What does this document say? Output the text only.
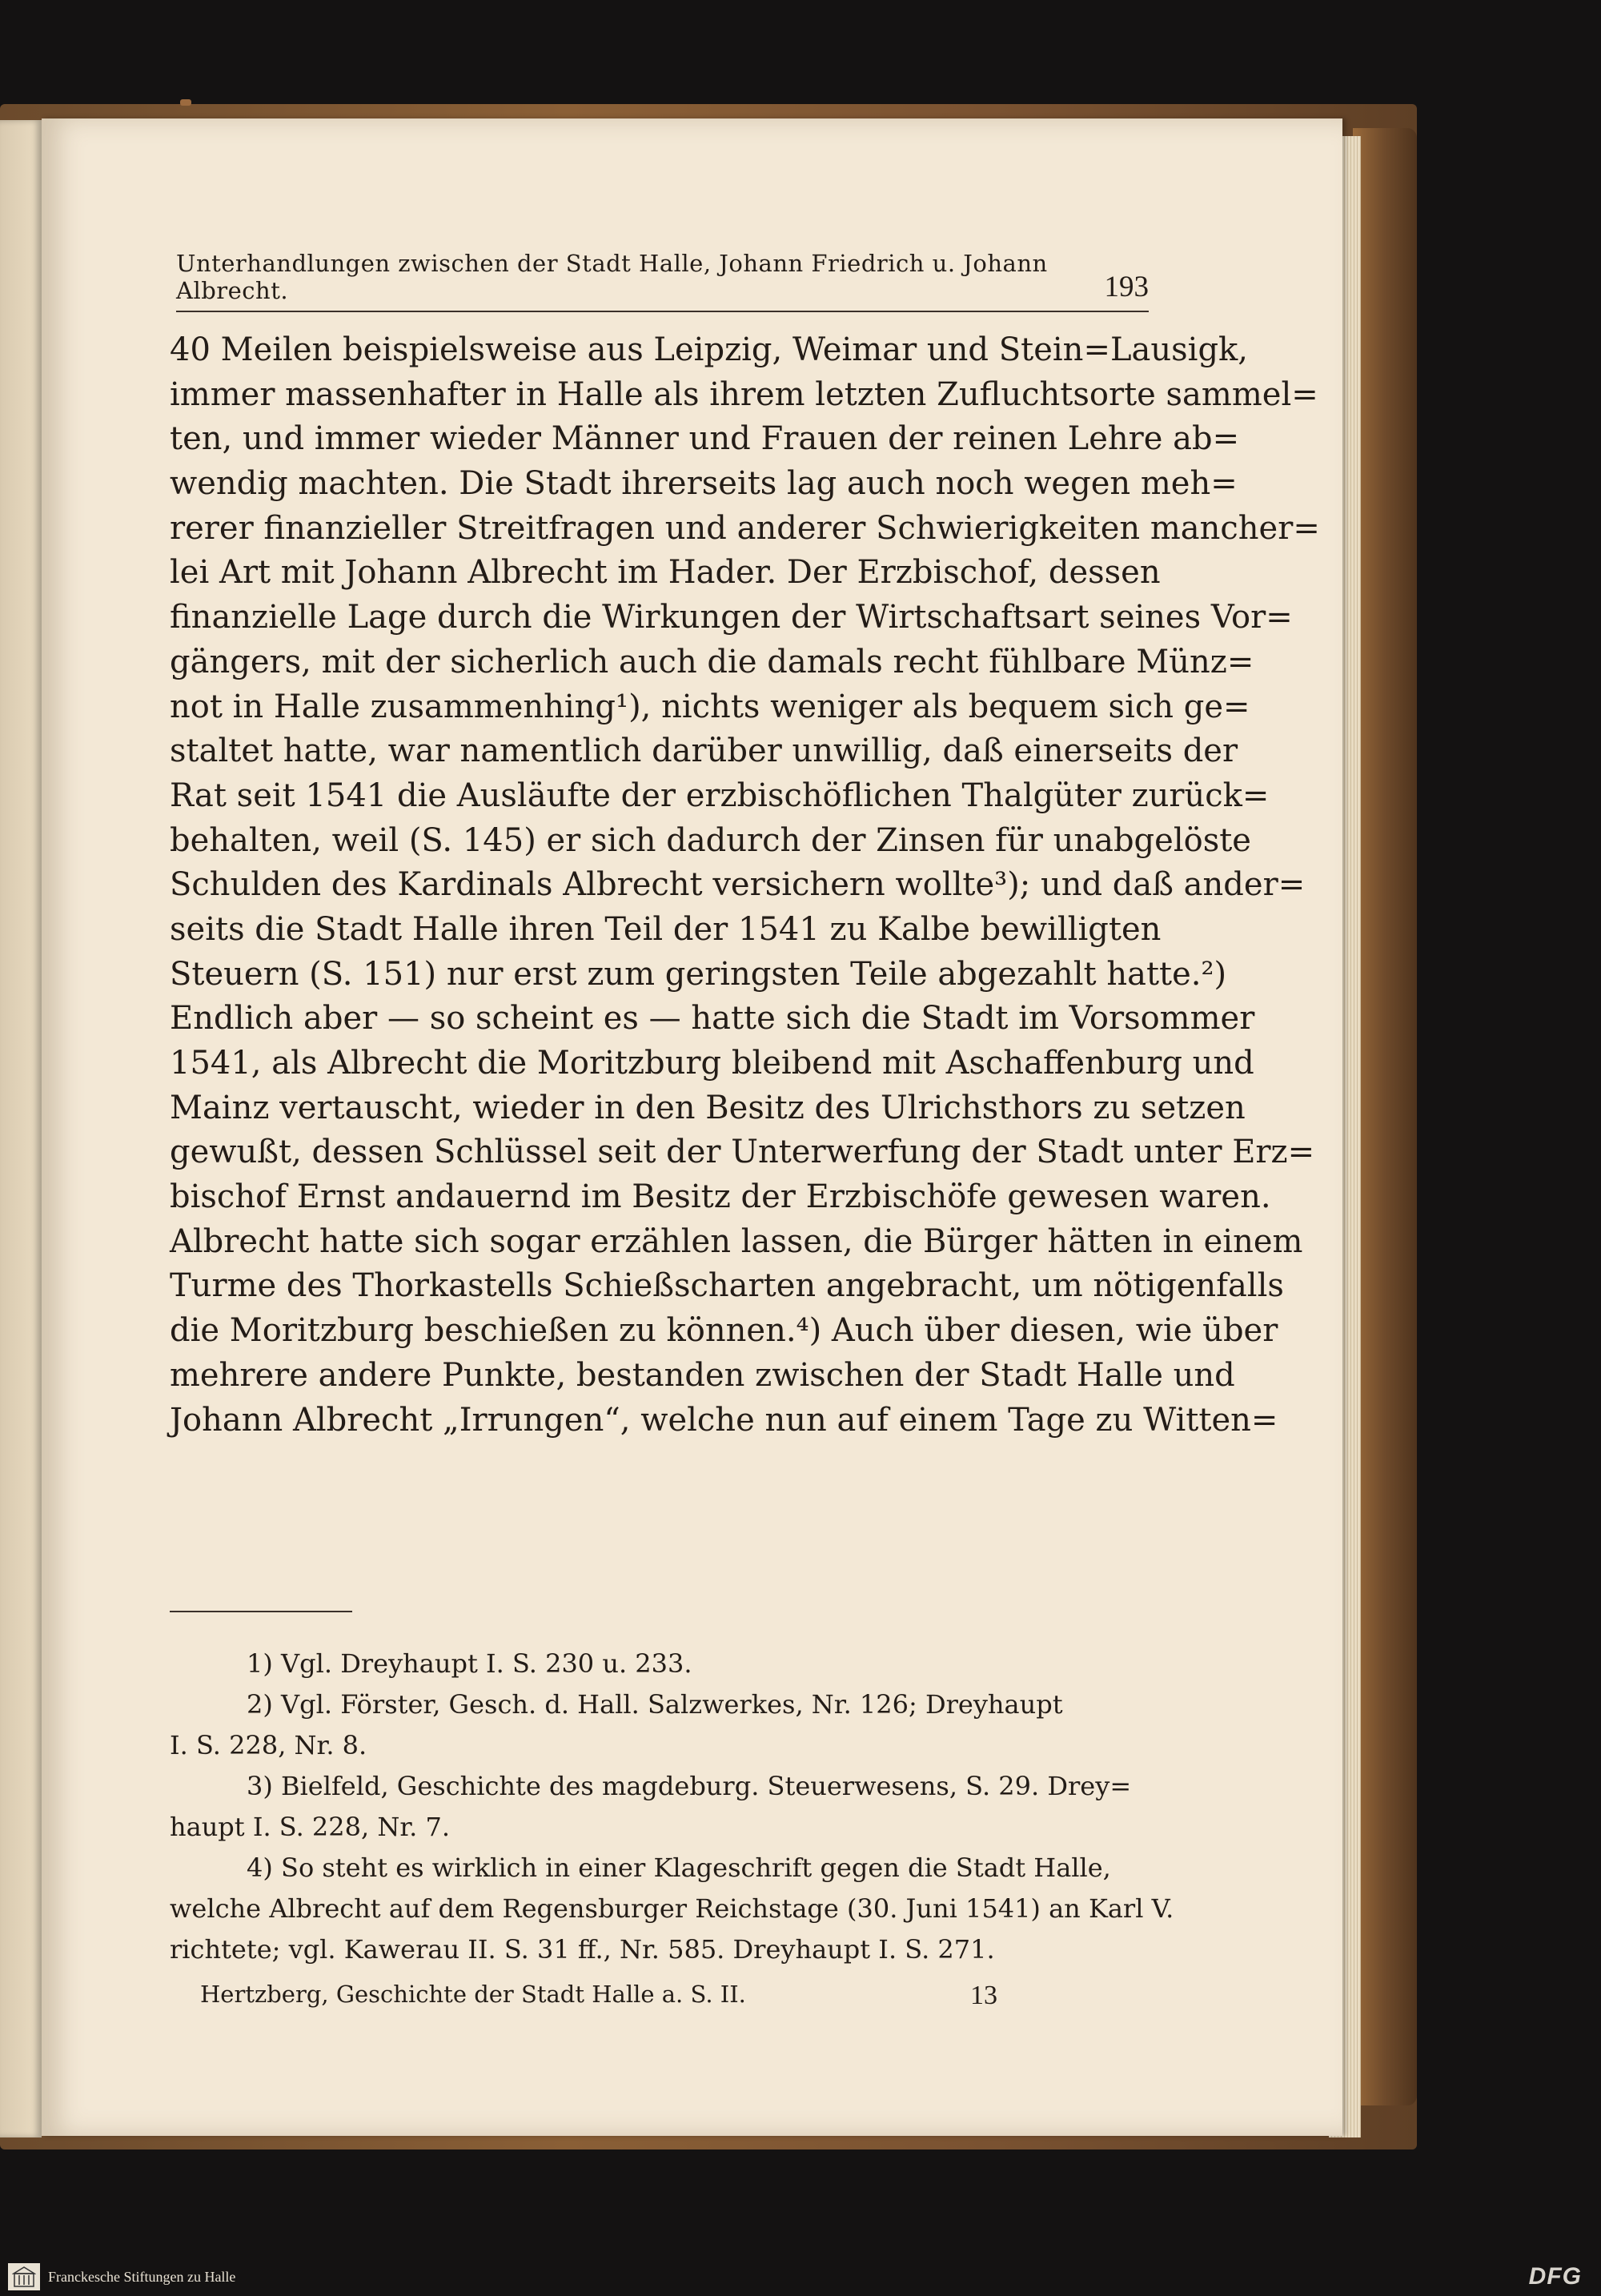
Unterhandlungen zwischen der Stadt Halle, Johann Friedrich u. Johann Albrecht.	193
40 Meilen beispielsweise aus Leipzig, Weimar und Stein=Lausigk,
immer massenhafter in Halle als ihrem letzten Zufluchtsorte sammel=
ten, und immer wieder Männer und Frauen der reinen Lehre ab=
wendig machten. Die Stadt ihrerseits lag auch noch wegen meh=
rerer finanzieller Streitfragen und anderer Schwierigkeiten mancher=
lei Art mit Johann Albrecht im Hader. Der Erzbischof, dessen
finanzielle Lage durch die Wirkungen der Wirtschaftsart seines Vor=
gängers, mit der sicherlich auch die damals recht fühlbare Münz=
not in Halle zusammenhing¹), nichts weniger als bequem sich ge=
staltet hatte, war namentlich darüber unwillig, daß einerseits der
Rat seit 1541 die Ausläufte der erzbischöflichen Thalgüter zurück=
behalten, weil (S. 145) er sich dadurch der Zinsen für unabgelöste
Schulden des Kardinals Albrecht versichern wollte³); und daß ander=
seits die Stadt Halle ihren Teil der 1541 zu Kalbe bewilligten
Steuern (S. 151) nur erst zum geringsten Teile abgezahlt hatte.²)
Endlich aber — so scheint es — hatte sich die Stadt im Vorsommer
1541, als Albrecht die Moritzburg bleibend mit Aschaffenburg und
Mainz vertauscht, wieder in den Besitz des Ulrichsthors zu setzen
gewußt, dessen Schlüssel seit der Unterwerfung der Stadt unter Erz=
bischof Ernst andauernd im Besitz der Erzbischöfe gewesen waren.
Albrecht hatte sich sogar erzählen lassen, die Bürger hätten in einem
Turme des Thorkastells Schießscharten angebracht, um nötigenfalls
die Moritzburg beschießen zu können.⁴) Auch über diesen, wie über
mehrere andere Punkte, bestanden zwischen der Stadt Halle und
Johann Albrecht „Irrungen“, welche nun auf einem Tage zu Witten=
1) Vgl. Dreyhaupt I. S. 230 u. 233.
2) Vgl. Förster, Gesch. d. Hall. Salzwerkes, Nr. 126; Dreyhaupt
I. S. 228, Nr. 8.
3) Bielfeld, Geschichte des magdeburg. Steuerwesens, S. 29. Drey=
haupt I. S. 228, Nr. 7.
4) So steht es wirklich in einer Klageschrift gegen die Stadt Halle,
welche Albrecht auf dem Regensburger Reichstage (30. Juni 1541) an Karl V.
richtete; vgl. Kawerau II. S. 31 ff., Nr. 585. Dreyhaupt I. S. 271.
Hertzberg, Geschichte der Stadt Halle a. S. II.	13
Franckesche Stiftungen zu Halle	DFG
